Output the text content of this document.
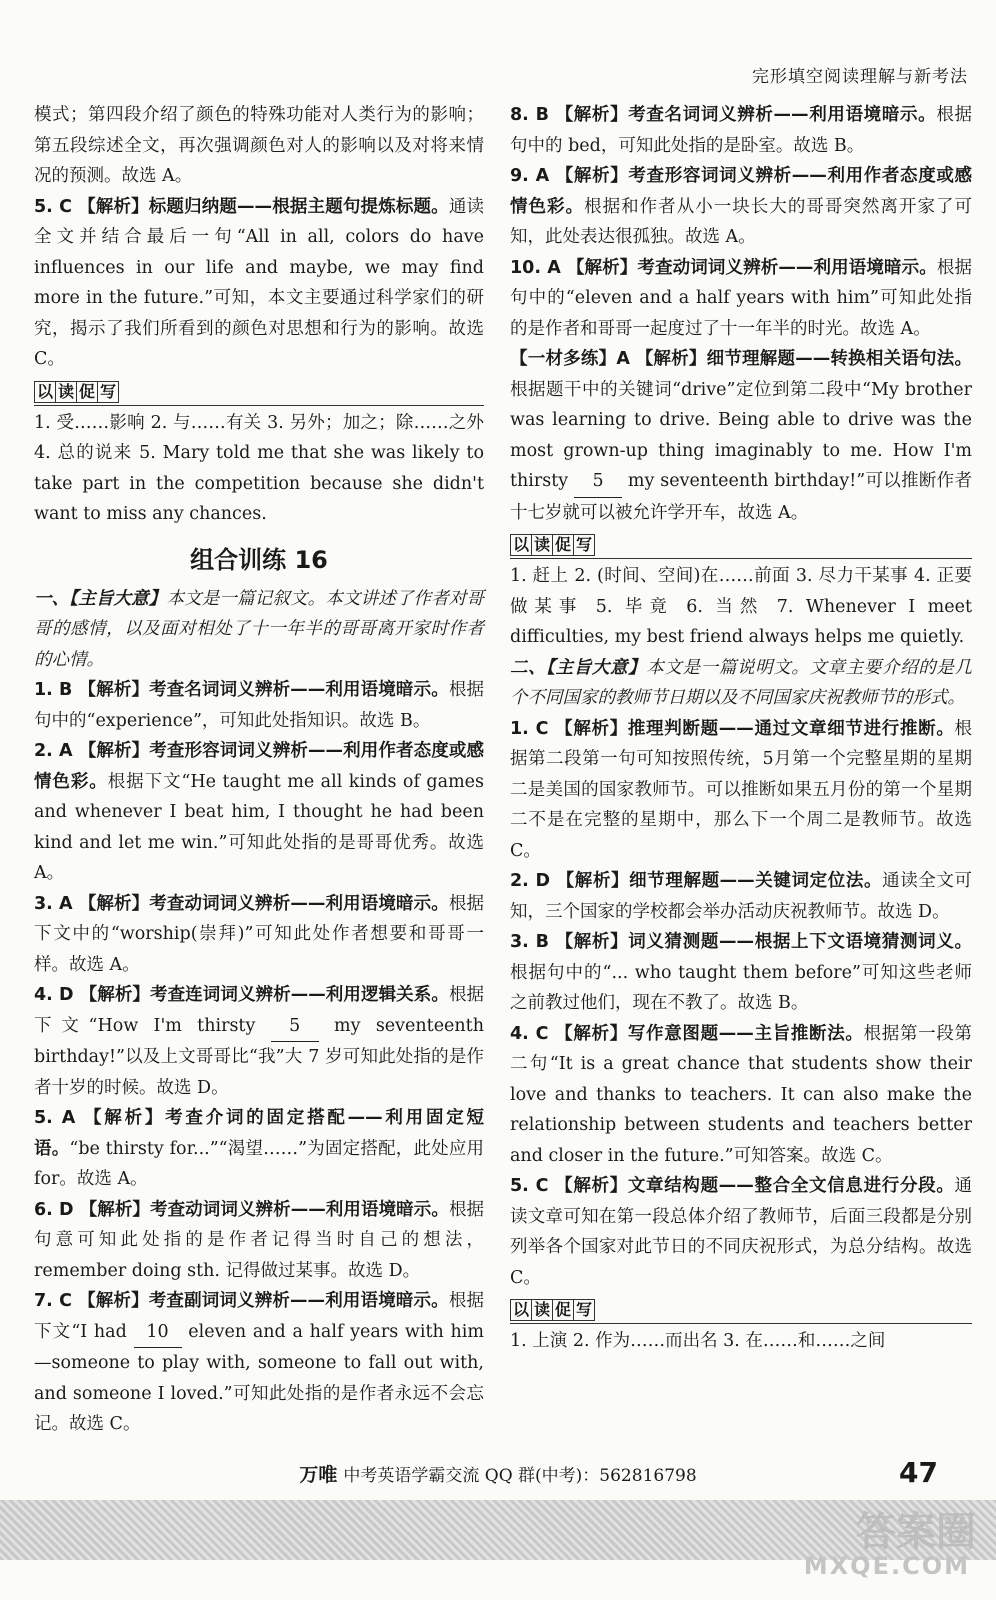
完形填空阅读理解与新考法

模式；第四段介绍了颜色的特殊功能对人类行为的影响；第五段综述全文，再次强调颜色对人的影响以及对将来情况的预测。故选 A。

5. C 【解析】标题归纳题——根据主题句提炼标题。通读全文并结合最后一句“All in all, colors do have influences in our life and maybe, we may find more in the future.”可知，本文主要通过科学家们的研究，揭示了我们所看到的颜色对思想和行为的影响。故选 C。

以 读 促 写

1. 受……影响 2. 与……有关 3. 另外；加之；除……之外 4. 总的说来 5. Mary told me that she was likely to take part in the competition because she didn't want to miss any chances.

组合训练 16

一、【主旨大意】本文是一篇记叙文。本文讲述了作者对哥哥的感情，以及面对相处了十一年半的哥哥离开家时作者的心情。

1. B 【解析】考查名词词义辨析——利用语境暗示。根据句中的“experience”，可知此处指知识。故选 B。

2. A 【解析】考查形容词词义辨析——利用作者态度或感情色彩。根据下文“He taught me all kinds of games and whenever I beat him, I thought he had been kind and let me win.”可知此处指的是哥哥优秀。故选 A。

3. A 【解析】考查动词词义辨析——利用语境暗示。根据下文中的“worship(崇拜)”可知此处作者想要和哥哥一样。故选 A。

4. D 【解析】考查连词词义辨析——利用逻辑关系。根据下文“How I'm thirsty 5 my seventeenth birthday!”以及上文哥哥比“我”大 7 岁可知此处指的是作者十岁的时候。故选 D。

5. A 【解析】考查介词的固定搭配——利用固定短语。“be thirsty for...”“渴望……”为固定搭配，此处应用 for。故选 A。

6. D 【解析】考查动词词义辨析——利用语境暗示。根据句意可知此处指的是作者记得当时自己的想法，remember doing sth. 记得做过某事。故选 D。

7. C 【解析】考查副词词义辨析——利用语境暗示。根据下文“I had 10 eleven and a half years with him—someone to play with, someone to fall out with, and someone I loved.”可知此处指的是作者永远不会忘记。故选 C。

8. B 【解析】考查名词词义辨析——利用语境暗示。根据句中的 bed，可知此处指的是卧室。故选 B。

9. A 【解析】考查形容词词义辨析——利用作者态度或感情色彩。根据和作者从小一块长大的哥哥突然离开家了可知，此处表达很孤独。故选 A。

10. A 【解析】考查动词词义辨析——利用语境暗示。根据句中的“eleven and a half years with him”可知此处指的是作者和哥哥一起度过了十一年半的时光。故选 A。

【一材多练】A 【解析】细节理解题——转换相关语句法。根据题干中的关键词“drive”定位到第二段中“My brother was learning to drive. Being able to drive was the most grown-up thing imaginably to me. How I'm thirsty 5 my seventeenth birthday!”可以推断作者十七岁就可以被允许学开车，故选 A。

以 读 促 写

1. 赶上 2. (时间、空间)在……前面 3. 尽力干某事 4. 正要做某事 5. 毕竟 6. 当然 7. Whenever I meet difficulties, my best friend always helps me quietly.

二、【主旨大意】本文是一篇说明文。文章主要介绍的是几个不同国家的教师节日期以及不同国家庆祝教师节的形式。

1. C 【解析】推理判断题——通过文章细节进行推断。根据第二段第一句可知按照传统，5月第一个完整星期的星期二是美国的国家教师节。可以推断如果五月份的第一个星期二不是在完整的星期中，那么下一个周二是教师节。故选 C。

2. D 【解析】细节理解题——关键词定位法。通读全文可知，三个国家的学校都会举办活动庆祝教师节。故选 D。

3. B 【解析】词义猜测题——根据上下文语境猜测词义。根据句中的“... who taught them before”可知这些老师之前教过他们，现在不教了。故选 B。

4. C 【解析】写作意图题——主旨推断法。根据第一段第二句“It is a great chance that students show their love and thanks to teachers. It can also make the relationship between students and teachers better and closer in the future.”可知答案。故选 C。

5. C 【解析】文章结构题——整合全文信息进行分段。通读文章可知在第一段总体介绍了教师节，后面三段都是分别列举各个国家对此节日的不同庆祝形式，为总分结构。故选 C。

以 读 促 写

1. 上演 2. 作为……而出名 3. 在……和……之间

万唯 中考英语学霸交流 QQ 群(中考)：562816798	47
答案圈
MXQE.COM
